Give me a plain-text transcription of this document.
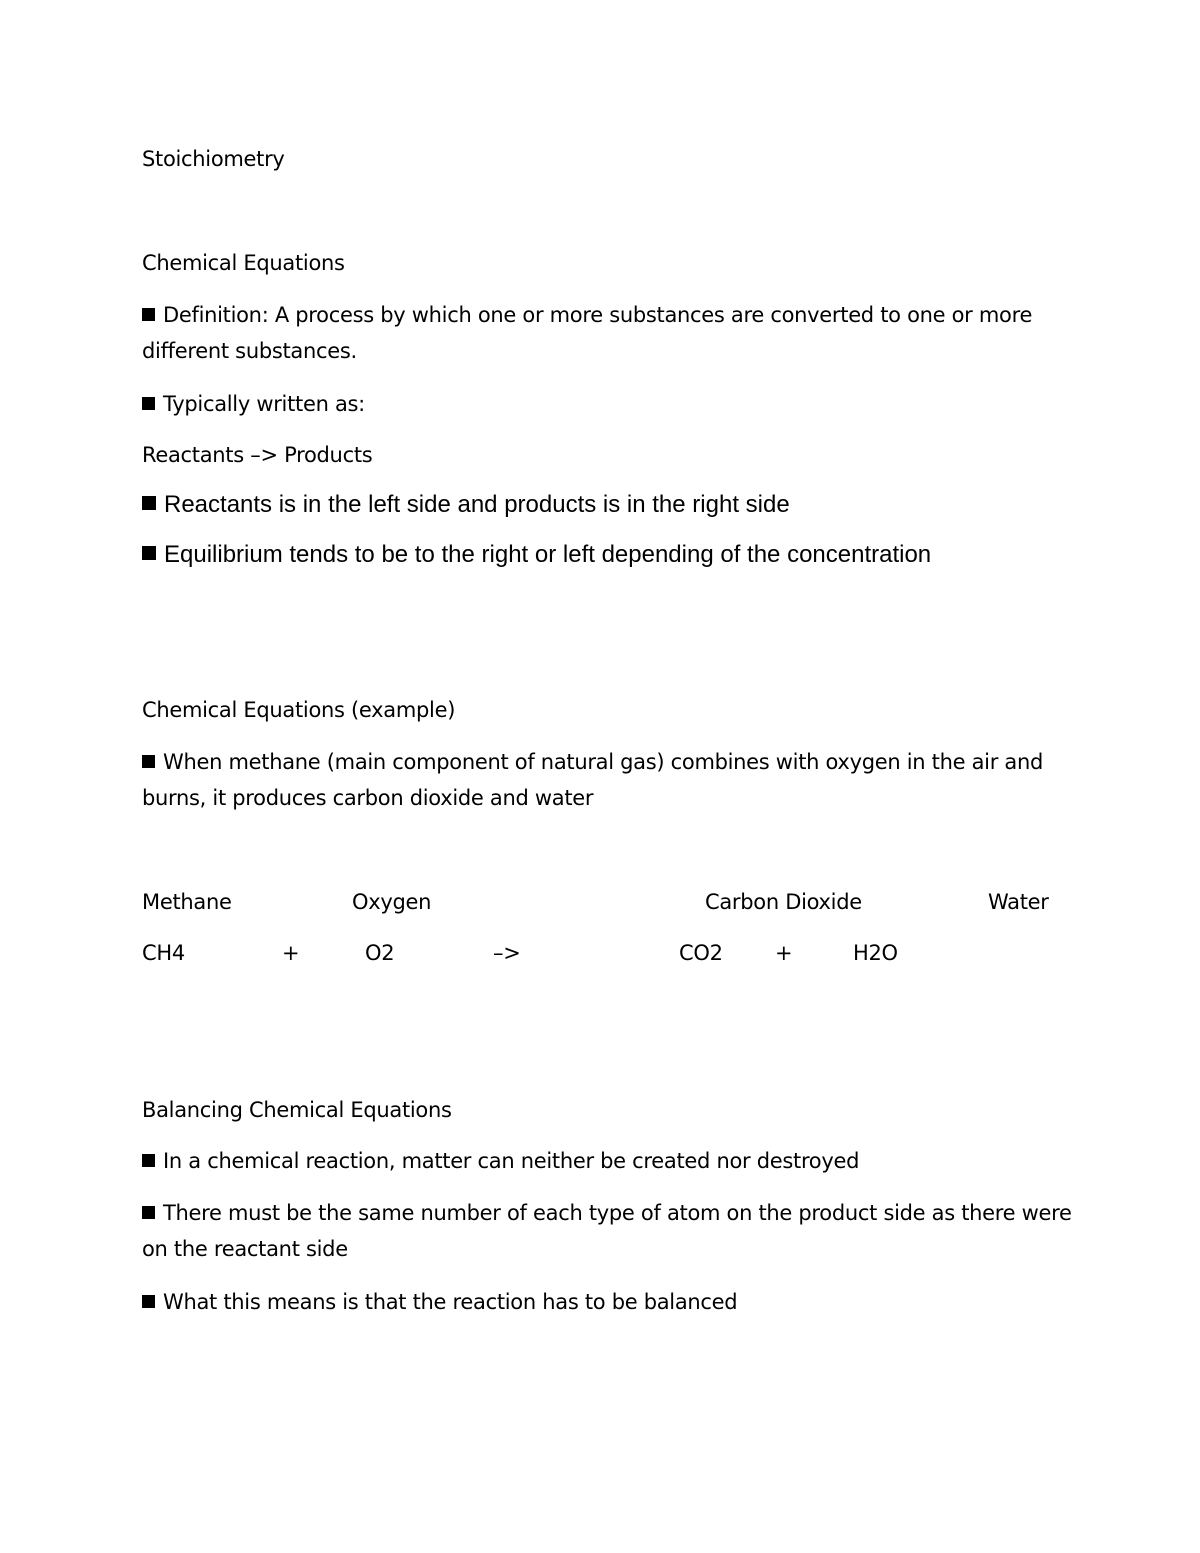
Stoichiometry
Chemical Equations
Definition: A process by which one or more substances are converted to one or more different substances.
Typically written as:
Reactants –> Products
Reactants is in the left side and products is in the right side
Equilibrium tends to be to the right or left depending of the concentration
Chemical Equations (example)
When methane (main component of natural gas) combines with oxygen in the air and burns, it produces carbon dioxide and water
Methane	Oxygen	Carbon Dioxide	Water
CH4	+	O2	–>	CO2 +	H2O
Balancing Chemical Equations
In a chemical reaction, matter can neither be created nor destroyed
There must be the same number of each type of atom on the product side as there were on the reactant side
What this means is that the reaction has to be balanced
